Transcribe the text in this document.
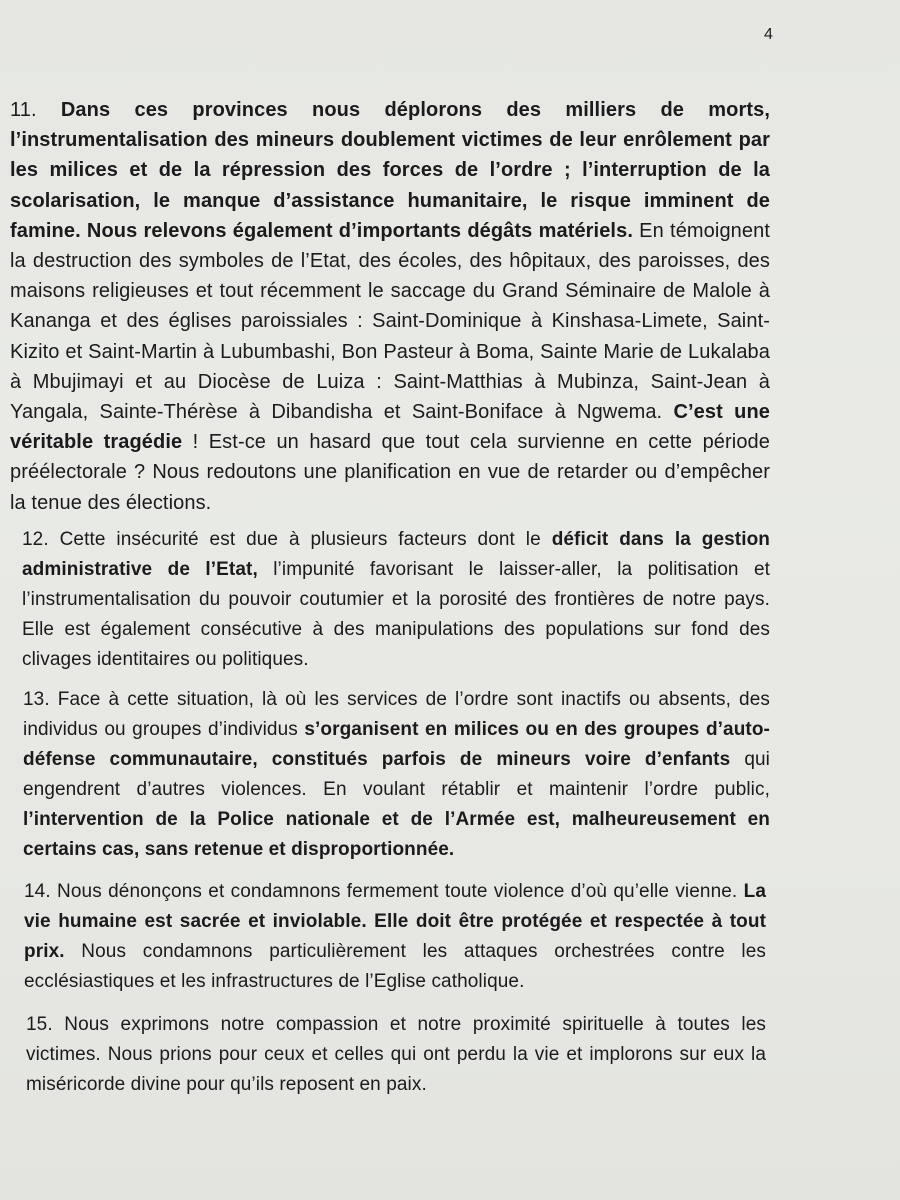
4

11. Dans ces provinces nous déplorons des milliers de morts, l’instrumentalisation des mineurs doublement victimes de leur enrôlement par les milices et de la répression des forces de l’ordre ; l’interruption de la scolarisation, le manque d’assistance humanitaire, le risque imminent de famine. Nous relevons également d’importants dégâts matériels. En témoignent la destruction des symboles de l’Etat, des écoles, des hôpitaux, des paroisses, des maisons religieuses et tout récemment le saccage du Grand Séminaire de Malole à Kananga et des églises paroissiales : Saint-Dominique à Kinshasa-Limete, Saint-Kizito et Saint-Martin à Lubumbashi, Bon Pasteur à Boma, Sainte Marie de Lukalaba à Mbujimayi et au Diocèse de Luiza : Saint-Matthias à Mubinza, Saint-Jean à Yangala, Sainte-Thérèse à Dibandisha et Saint-Boniface à Ngwema. C’est une véritable tragédie ! Est-ce un hasard que tout cela survienne en cette période préélectorale ? Nous redoutons une planification en vue de retarder ou d’empêcher la tenue des élections.

12. Cette insécurité est due à plusieurs facteurs dont le déficit dans la gestion administrative de l’Etat, l’impunité favorisant le laisser-aller, la politisation et l’instrumentalisation du pouvoir coutumier et la porosité des frontières de notre pays. Elle est également consécutive à des manipulations des populations sur fond des clivages identitaires ou politiques.

13. Face à cette situation, là où les services de l’ordre sont inactifs ou absents, des individus ou groupes d’individus s’organisent en milices ou en des groupes d’auto-défense communautaire, constitués parfois de mineurs voire d’enfants qui engendrent d’autres violences. En voulant rétablir et maintenir l’ordre public, l’intervention de la Police nationale et de l’Armée est, malheureusement en certains cas, sans retenue et disproportionnée.

14. Nous dénonçons et condamnons fermement toute violence d’où qu’elle vienne. La vie humaine est sacrée et inviolable. Elle doit être protégée et respectée à tout prix. Nous condamnons particulièrement les attaques orchestrées contre les ecclésiastiques et les infrastructures de l’Eglise catholique.

15. Nous exprimons notre compassion et notre proximité spirituelle à toutes les victimes. Nous prions pour ceux et celles qui ont perdu la vie et implorons sur eux la miséricorde divine pour qu’ils reposent en paix.
